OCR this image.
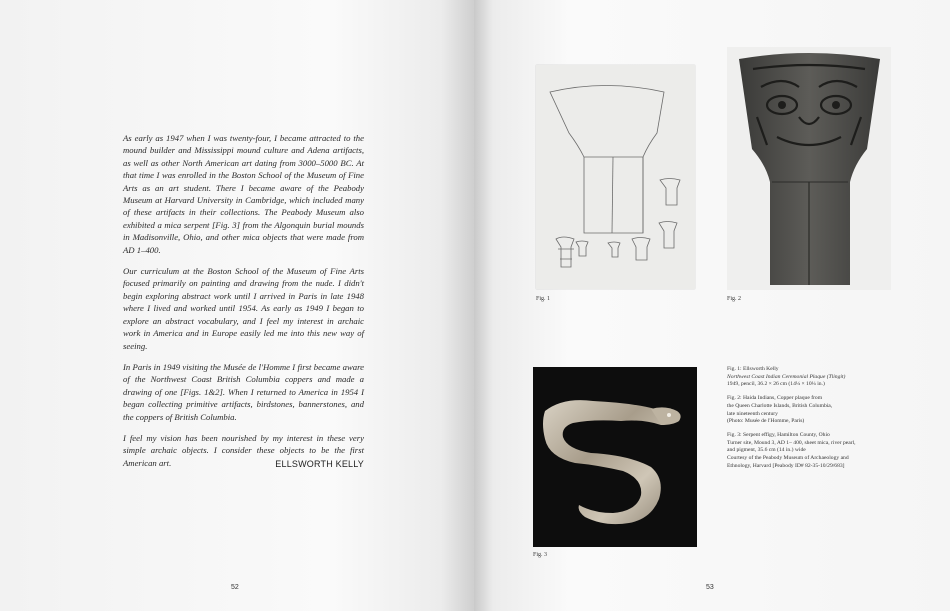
As early as 1947 when I was twenty-four, I became attracted to the mound builder and Mississippi mound culture and Adena artifacts, as well as other North American art dating from 3000–5000 BC. At that time I was enrolled in the Boston School of the Museum of Fine Arts as an art student. There I became aware of the Peabody Museum at Harvard University in Cambridge, which included many of these artifacts in their collections. The Peabody Museum also exhibited a mica serpent [Fig. 3] from the Algonquin burial mounds in Madisonville, Ohio, and other mica objects that were made from AD 1–400.

Our curriculum at the Boston School of the Museum of Fine Arts focused primarily on painting and drawing from the nude. I didn't begin exploring abstract work until I arrived in Paris in late 1948 where I lived and worked until 1954. As early as 1949 I began to explore an abstract vocabulary, and I feel my interest in archaic work in America and in Europe easily led me into this new way of seeing.

In Paris in 1949 visiting the Musée de l'Homme I first became aware of the Northwest Coast British Columbia coppers and made a drawing of one [Figs. 1&2]. When I returned to America in 1954 I began collecting primitive artifacts, birdstones, bannerstones, and the coppers of British Columbia.

I feel my vision has been nourished by my interest in these very simple archaic objects. I consider these objects to be the first American art.	ELLSWORTH KELLY
52
Fig. 1	Fig. 2
Fig. 3
Fig. 1: Ellsworth Kelly
Northwest Coast Indian Ceremonial Plaque (Tlingit)
1949, pencil, 36.2 × 26 cm (14¼ × 10¼ in.)
Fig. 2: Haida Indians, Copper plaque from
the Queen Charlotte Islands, British Columbia,
late nineteenth century
(Photo: Musée de l'Homme, Paris)
Fig. 3: Serpent effigy, Hamilton County, Ohio
Turner site, Mound 3, AD 1– 400, sheet mica, river pearl,
and pigment, 35.6 cm (14 in.) wide
Courtesy of the Peabody Museum of Archaeology and
Ethnology, Harvard [Peabody ID# 82-35-10/29/683]
53
